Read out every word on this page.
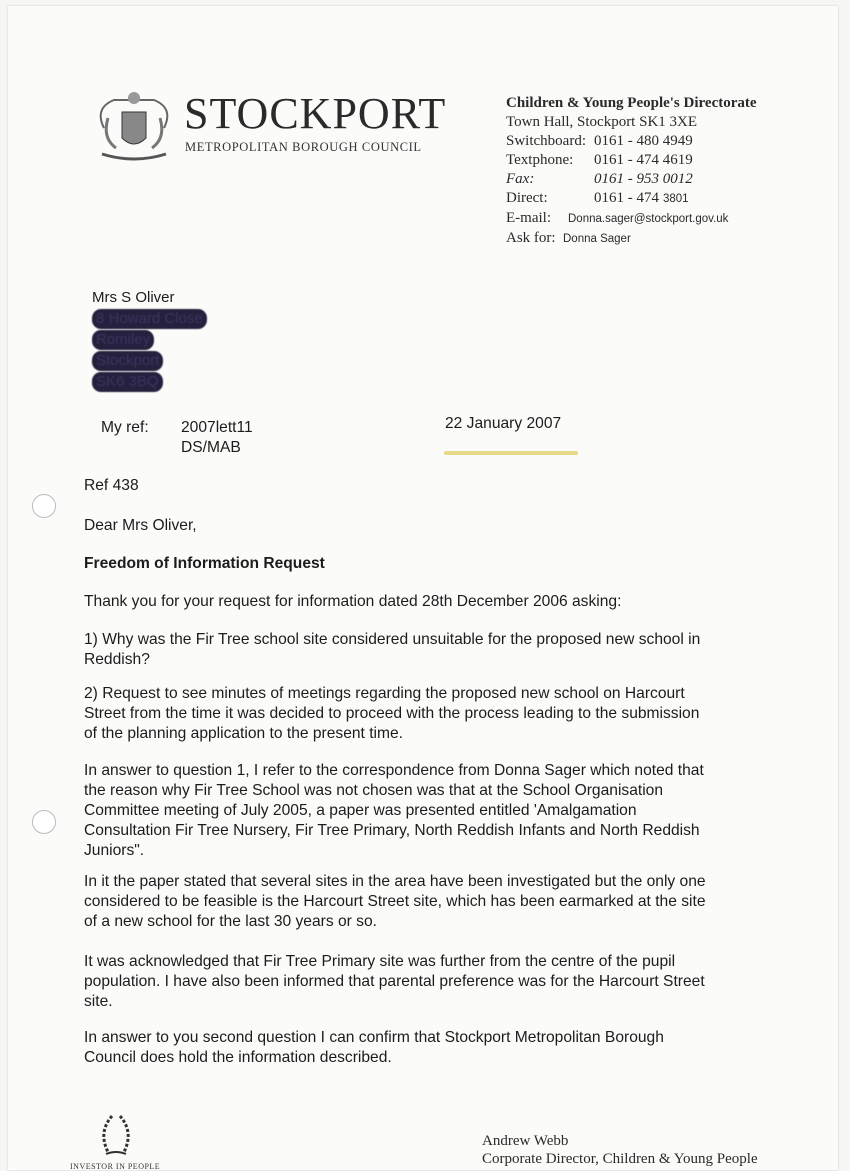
STOCKPORT
METROPOLITAN BOROUGH COUNCIL
Children & Young People's Directorate
Town Hall, Stockport SK1 3XE
Switchboard: 0161 - 480 4949
Textphone:	0161 - 474 4619
Fax:	0161 - 953 0012
Direct:	0161 - 474 3801
E-mail:	Donna.sager@stockport.gov.uk
Ask for: Donna Sager
Mrs S Oliver
8 Howard Close
Romiley
Stockport
SK6 3BQ
My ref: 2007lett11
DS/MAB
22 January 2007
Ref 438
Dear Mrs Oliver,
Freedom of Information Request
Thank you for your request for information dated 28th December 2006 asking:
1) Why was the Fir Tree school site considered unsuitable for the proposed new school in
Reddish?
2) Request to see minutes of meetings regarding the proposed new school on Harcourt
Street from the time it was decided to proceed with the process leading to the submission
of the planning application to the present time.
In answer to question 1, I refer to the correspondence from Donna Sager which noted that
the reason why Fir Tree School was not chosen was that at the School Organisation
Committee meeting of July 2005, a paper was presented entitled 'Amalgamation
Consultation Fir Tree Nursery, Fir Tree Primary, North Reddish Infants and North Reddish
Juniors".
In it the paper stated that several sites in the area have been investigated but the only one
considered to be feasible is the Harcourt Street site, which has been earmarked at the site
of a new school for the last 30 years or so.
It was acknowledged that Fir Tree Primary site was further from the centre of the pupil
population. I have also been informed that parental preference was for the Harcourt Street
site.
In answer to you second question I can confirm that Stockport Metropolitan Borough
Council does hold the information described.
INVESTOR IN PEOPLE
Andrew Webb
Corporate Director, Children & Young People
